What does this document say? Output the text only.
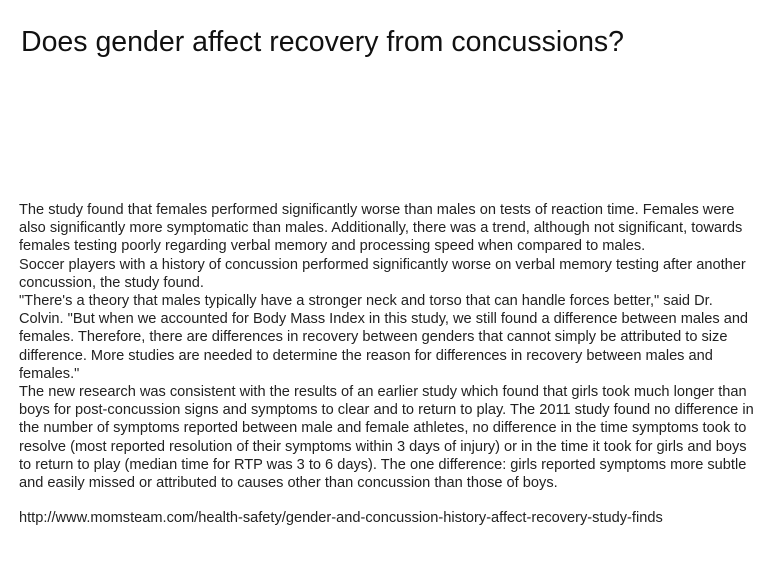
Does gender affect recovery from concussions?

The study found that females performed significantly worse than males on tests of reaction time. Females were also significantly more symptomatic than males. Additionally, there was a trend, although not significant, towards females testing poorly regarding verbal memory and processing speed when compared to males.

Soccer players with a history of concussion performed significantly worse on verbal memory testing after another concussion, the study found.

"There's a theory that males typically have a stronger neck and torso that can handle forces better," said Dr. Colvin. "But when we accounted for Body Mass Index in this study, we still found a difference between males and females. Therefore, there are differences in recovery between genders that cannot simply be attributed to size difference. More studies are needed to determine the reason for differences in recovery between males and females."

The new research was consistent with the results of an earlier study which found that girls took much longer than boys for post-concussion signs and symptoms to clear and to return to play. The 2011 study found no difference in the number of symptoms reported between male and female athletes, no difference in the time symptoms took to resolve (most reported resolution of their symptoms within 3 days of injury) or in the time it took for girls and boys to return to play (median time for RTP was 3 to 6 days). The one difference: girls reported symptoms more subtle and easily missed or attributed to causes other than concussion than those of boys.

http://www.momsteam.com/health-safety/gender-and-concussion-history-affect-recovery-study-finds
